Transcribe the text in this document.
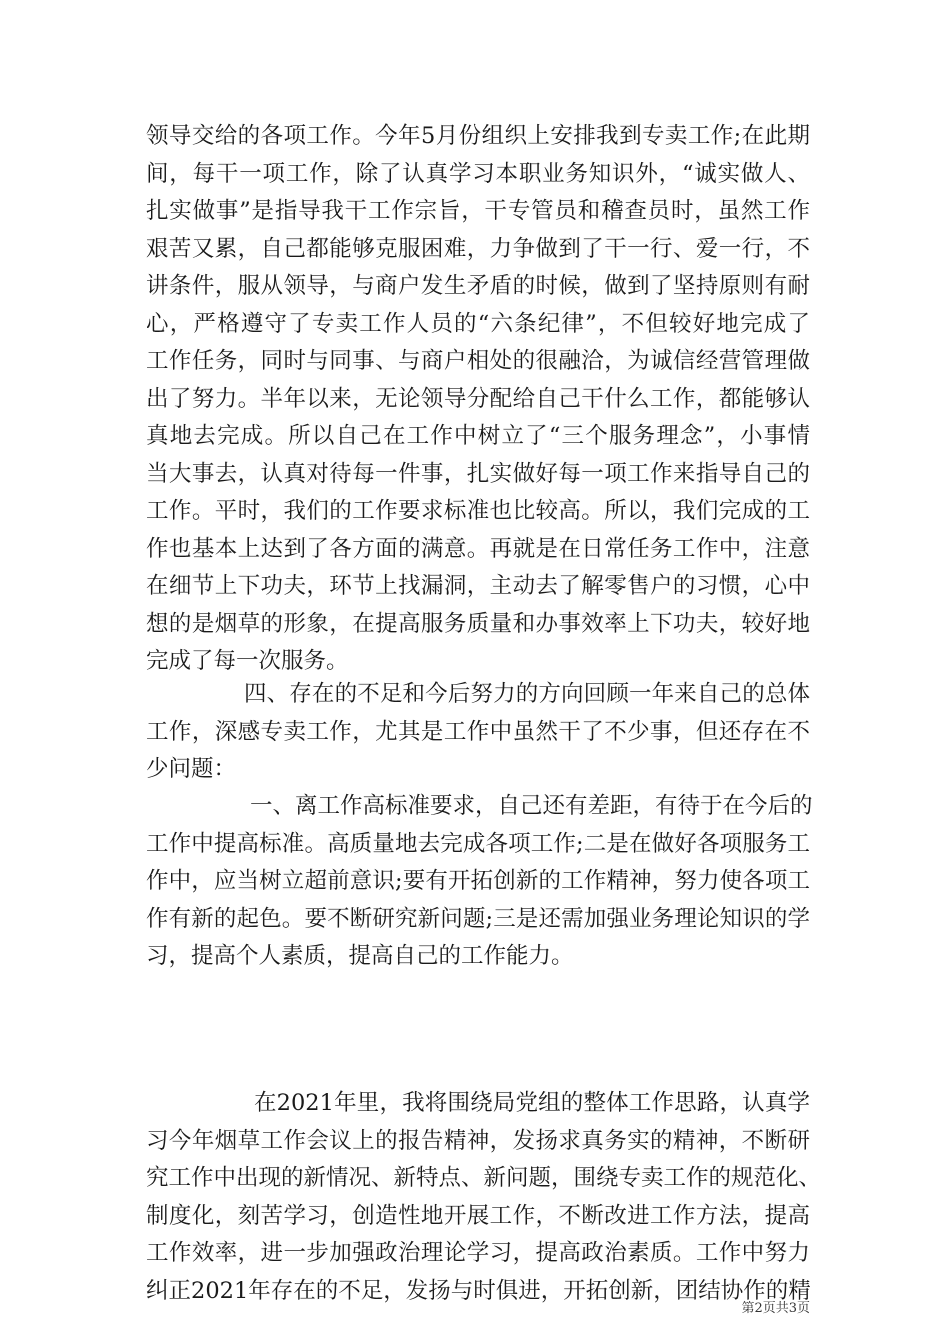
领导交给的各项工作。今年5月份组织上安排我到专卖工作;在此期
间，每干一项工作，除了认真学习本职业务知识外，“诚实做人、
扎实做事”是指导我干工作宗旨，干专管员和稽查员时，虽然工作
艰苦又累，自己都能够克服困难，力争做到了干一行、爱一行，不
讲条件，服从领导，与商户发生矛盾的时候，做到了坚持原则有耐
心，严格遵守了专卖工作人员的“六条纪律”，不但较好地完成了
工作任务，同时与同事、与商户相处的很融洽，为诚信经营管理做
出了努力。半年以来，无论领导分配给自己干什么工作，都能够认
真地去完成。所以自己在工作中树立了“三个服务理念”，小事情
当大事去，认真对待每一件事，扎实做好每一项工作来指导自己的
工作。平时，我们的工作要求标准也比较高。所以，我们完成的工
作也基本上达到了各方面的满意。再就是在日常任务工作中，注意
在细节上下功夫，环节上找漏洞，主动去了解零售户的习惯，心中
想的是烟草的形象，在提高服务质量和办事效率上下功夫，较好地
完成了每一次服务。
四、存在的不足和今后努力的方向回顾一年来自己的总体
工作，深感专卖工作，尤其是工作中虽然干了不少事，但还存在不
少问题：
一、离工作高标准要求，自己还有差距，有待于在今后的
工作中提高标准。高质量地去完成各项工作;二是在做好各项服务工
作中，应当树立超前意识;要有开拓创新的工作精神，努力使各项工
作有新的起色。要不断研究新问题;三是还需加强业务理论知识的学
习，提高个人素质，提高自己的工作能力。
在2021年里，我将围绕局党组的整体工作思路，认真学
习今年烟草工作会议上的报告精神，发扬求真务实的精神，不断研
究工作中出现的新情况、新特点、新问题，围绕专卖工作的规范化、
制度化，刻苦学习，创造性地开展工作，不断改进工作方法，提高
工作效率，进一步加强政治理论学习，提高政治素质。工作中努力
纠正2021年存在的不足，发扬与时俱进，开拓创新，团结协作的精
第2页共3页
